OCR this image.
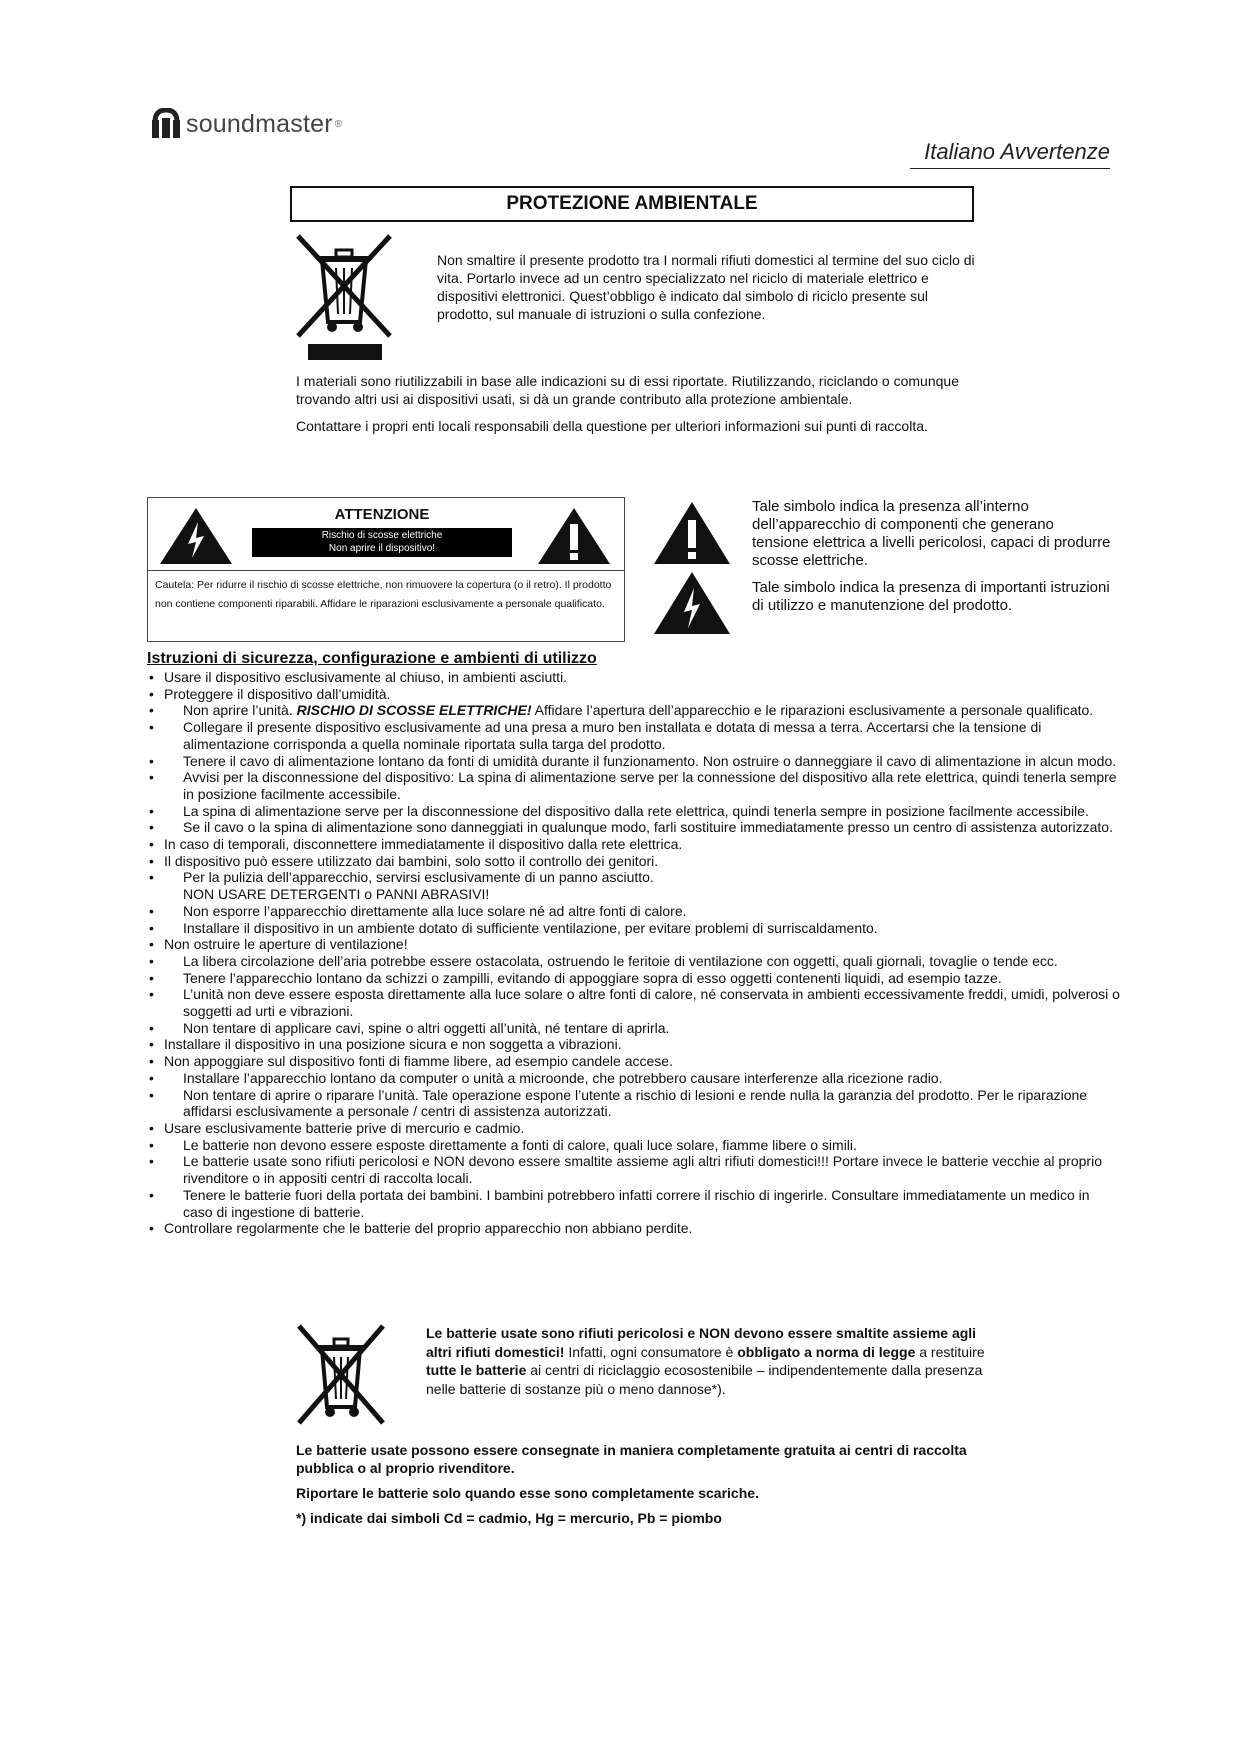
soundmaster ®
Italiano Avvertenze
PROTEZIONE AMBIENTALE
Non smaltire il presente prodotto tra I normali rifiuti domestici al termine del suo ciclo di vita. Portarlo invece ad un centro specializzato nel riciclo di materiale elettrico e dispositivi elettronici. Quest’obbligo è indicato dal simbolo di riciclo presente sul prodotto, sul manuale di istruzioni o sulla confezione.
I materiali sono riutilizzabili in base alle indicazioni su di essi riportate. Riutilizzando, riciclando o comunque trovando altri usi ai dispositivi usati, si dà un grande contributo alla protezione ambientale.
Contattare i propri enti locali responsabili della questione per ulteriori informazioni sui punti di raccolta.
ATTENZIONE
Rischio di scosse elettriche
Non aprire il dispositivo!
Cautela: Per ridurre il rischio di scosse elettriche, non rimuovere la copertura (o il retro). Il prodotto non contiene componenti riparabili. Affidare le riparazioni esclusivamente a personale qualificato.
Tale simbolo indica la presenza all’interno dell’apparecchio di componenti che generano tensione elettrica a livelli pericolosi, capaci di produrre scosse elettriche.
Tale simbolo indica la presenza di importanti istruzioni di utilizzo e manutenzione del prodotto.
Istruzioni di sicurezza, configurazione e ambienti di utilizzo
• Usare il dispositivo esclusivamente al chiuso, in ambienti asciutti.
• Proteggere il dispositivo dall’umidità.
• Non aprire l’unità. RISCHIO DI SCOSSE ELETTRICHE! Affidare l’apertura dell’apparecchio e le riparazioni esclusivamente a personale qualificato.
• Collegare il presente dispositivo esclusivamente ad una presa a muro ben installata e dotata di messa a terra. Accertarsi che la tensione di alimentazione corrisponda a quella nominale riportata sulla targa del prodotto.
• Tenere il cavo di alimentazione lontano da fonti di umidità durante il funzionamento. Non ostruire o danneggiare il cavo di alimentazione in alcun modo.
• Avvisi per la disconnessione del dispositivo: La spina di alimentazione serve per la connessione del dispositivo alla rete elettrica, quindi tenerla sempre in posizione facilmente accessibile.
• La spina di alimentazione serve per la disconnessione del dispositivo dalla rete elettrica, quindi tenerla sempre in posizione facilmente accessibile.
• Se il cavo o la spina di alimentazione sono danneggiati in qualunque modo, farli sostituire immediatamente presso un centro di assistenza autorizzato.
• In caso di temporali, disconnettere immediatamente il dispositivo dalla rete elettrica.
• Il dispositivo può essere utilizzato dai bambini, solo sotto il controllo dei genitori.
• Per la pulizia dell’apparecchio, servirsi esclusivamente di un panno asciutto.
NON USARE DETERGENTI o PANNI ABRASIVI!
• Non esporre l’apparecchio direttamente alla luce solare né ad altre fonti di calore.
• Installare il dispositivo in un ambiente dotato di sufficiente ventilazione, per evitare problemi di surriscaldamento.
• Non ostruire le aperture di ventilazione!
• La libera circolazione dell’aria potrebbe essere ostacolata, ostruendo le feritoie di ventilazione con oggetti, quali giornali, tovaglie o tende ecc.
• Tenere l’apparecchio lontano da schizzi o zampilli, evitando di appoggiare sopra di esso oggetti contenenti liquidi, ad esempio tazze.
• L’unità non deve essere esposta direttamente alla luce solare o altre fonti di calore, né conservata in ambienti eccessivamente freddi, umidi, polverosi o soggetti ad urti e vibrazioni.
• Non tentare di applicare cavi, spine o altri oggetti all’unità, né tentare di aprirla.
• Installare il dispositivo in una posizione sicura e non soggetta a vibrazioni.
• Non appoggiare sul dispositivo fonti di fiamme libere, ad esempio candele accese.
• Installare l’apparecchio lontano da computer o unità a microonde, che potrebbero causare interferenze alla ricezione radio.
• Non tentare di aprire o riparare l’unità. Tale operazione espone l’utente a rischio di lesioni e rende nulla la garanzia del prodotto. Per le riparazione affidarsi esclusivamente a personale / centri di assistenza autorizzati.
• Usare esclusivamente batterie prive di mercurio e cadmio.
• Le batterie non devono essere esposte direttamente a fonti di calore, quali luce solare, fiamme libere o simili.
• Le batterie usate sono rifiuti pericolosi e NON devono essere smaltite assieme agli altri rifiuti domestici!!! Portare invece le batterie vecchie al proprio rivenditore o in appositi centri di raccolta locali.
• Tenere le batterie fuori della portata dei bambini. I bambini potrebbero infatti correre il rischio di ingerirle. Consultare immediatamente un medico in caso di ingestione di batterie.
• Controllare regolarmente che le batterie del proprio apparecchio non abbiano perdite.
Le batterie usate sono rifiuti pericolosi e NON devono essere smaltite assieme agli altri rifiuti domestici! Infatti, ogni consumatore è obbligato a norma di legge a restituire tutte le batterie ai centri di riciclaggio ecosostenibile – indipendentemente dalla presenza nelle batterie di sostanze più o meno dannose*).
Le batterie usate possono essere consegnate in maniera completamente gratuita ai centri di raccolta pubblica o al proprio rivenditore.
Riportare le batterie solo quando esse sono completamente scariche.
*) indicate dai simboli Cd = cadmio, Hg = mercurio, Pb = piombo
